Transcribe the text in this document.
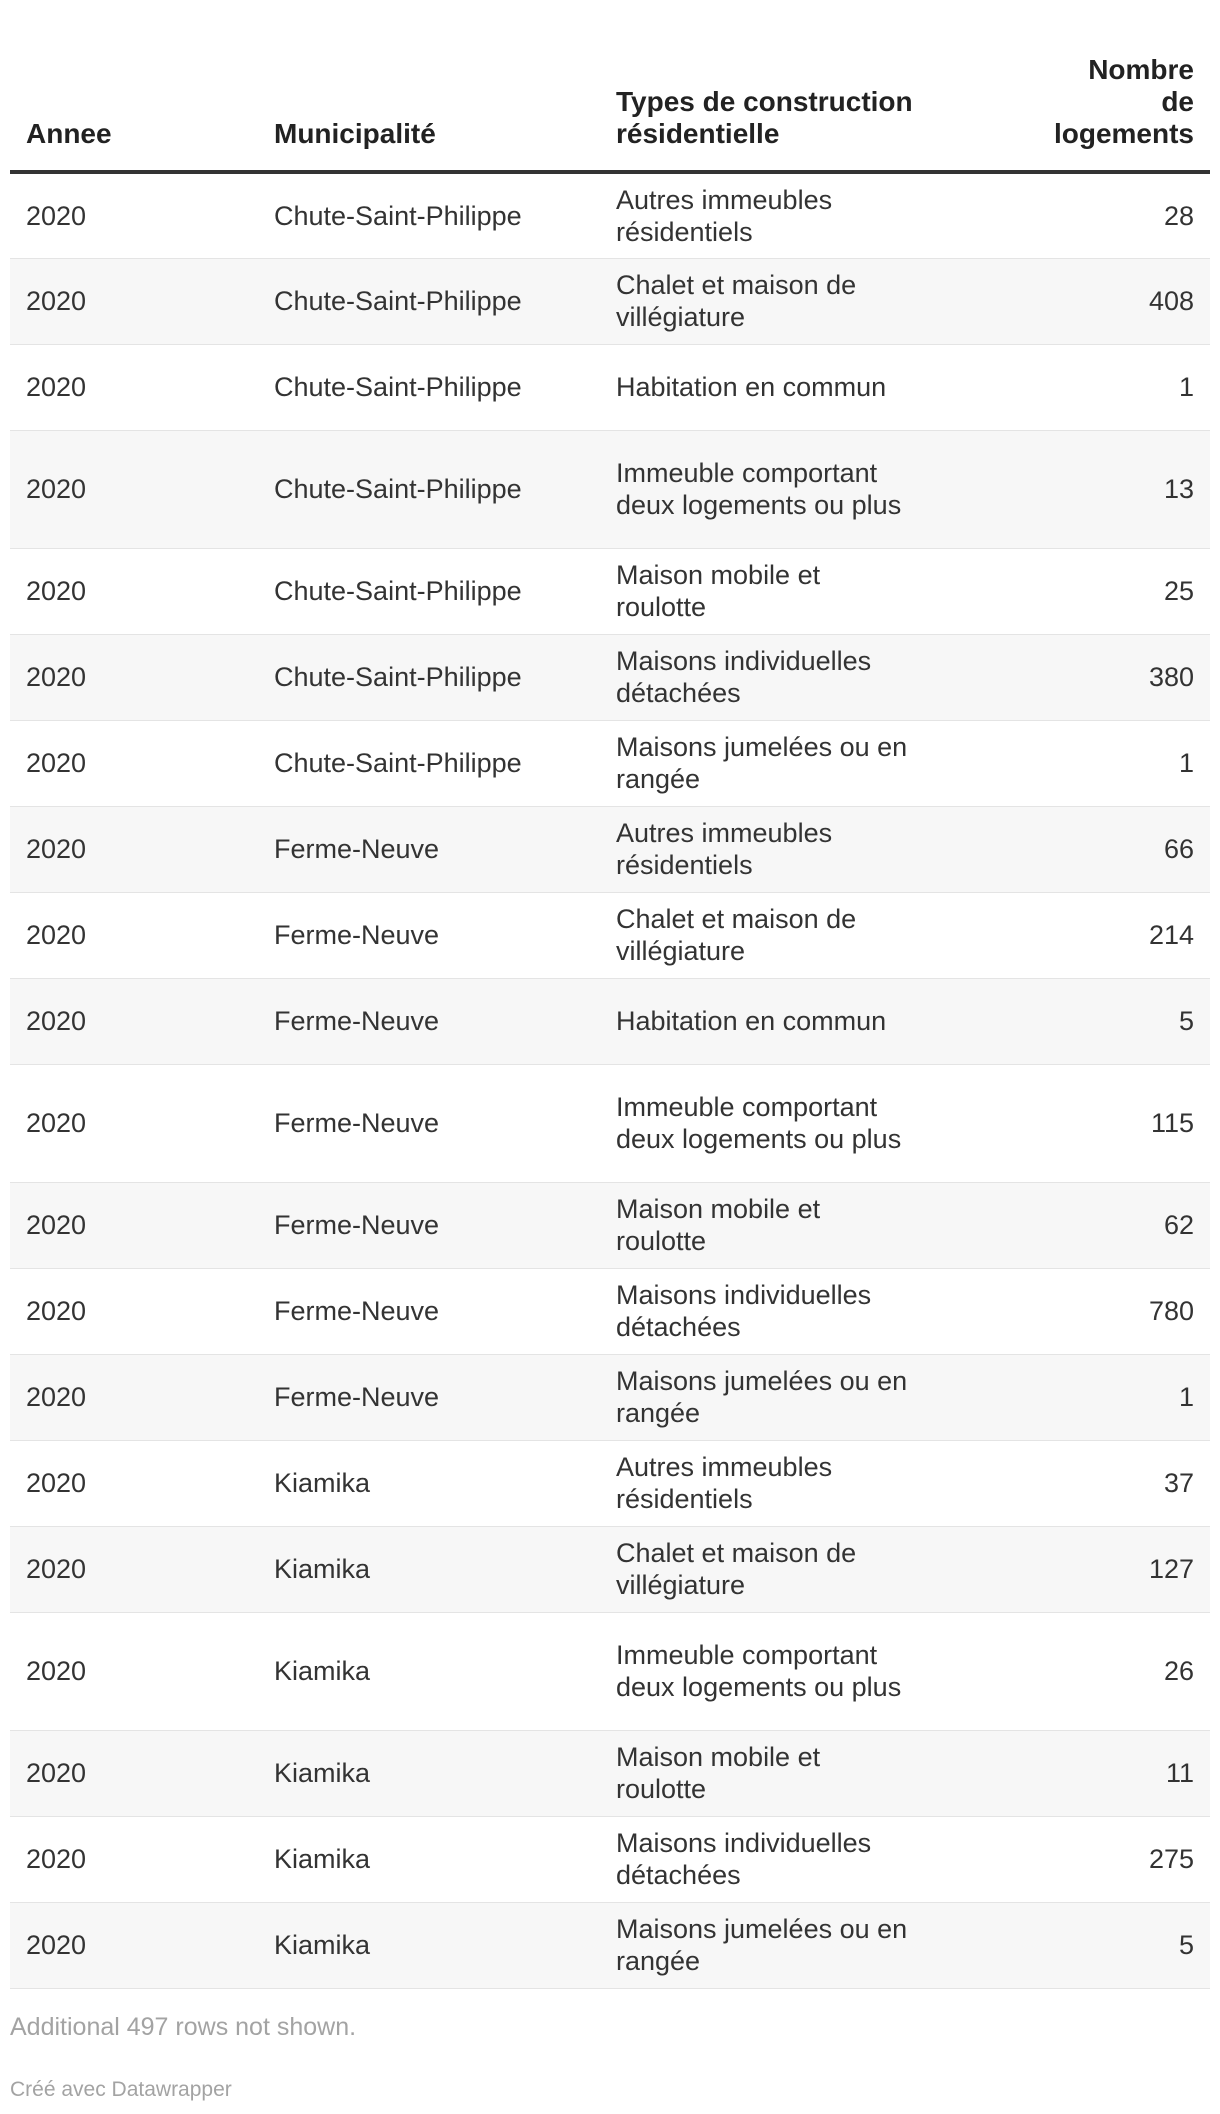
Annee	Municipalité	Types de construction résidentielle	Nombre de logements
2020	Chute-Saint-Philippe	Autres immeubles résidentiels	28
2020	Chute-Saint-Philippe	Chalet et maison de villégiature	408
2020	Chute-Saint-Philippe	Habitation en commun	1
2020	Chute-Saint-Philippe	Immeuble comportant deux logements ou plus	13
2020	Chute-Saint-Philippe	Maison mobile et roulotte	25
2020	Chute-Saint-Philippe	Maisons individuelles détachées	380
2020	Chute-Saint-Philippe	Maisons jumelées ou en rangée	1
2020	Ferme-Neuve	Autres immeubles résidentiels	66
2020	Ferme-Neuve	Chalet et maison de villégiature	214
2020	Ferme-Neuve	Habitation en commun	5
2020	Ferme-Neuve	Immeuble comportant deux logements ou plus	115
2020	Ferme-Neuve	Maison mobile et roulotte	62
2020	Ferme-Neuve	Maisons individuelles détachées	780
2020	Ferme-Neuve	Maisons jumelées ou en rangée	1
2020	Kiamika	Autres immeubles résidentiels	37
2020	Kiamika	Chalet et maison de villégiature	127
2020	Kiamika	Immeuble comportant deux logements ou plus	26
2020	Kiamika	Maison mobile et roulotte	11
2020	Kiamika	Maisons individuelles détachées	275
2020	Kiamika	Maisons jumelées ou en rangée	5
Additional 497 rows not shown.
Créé avec Datawrapper
